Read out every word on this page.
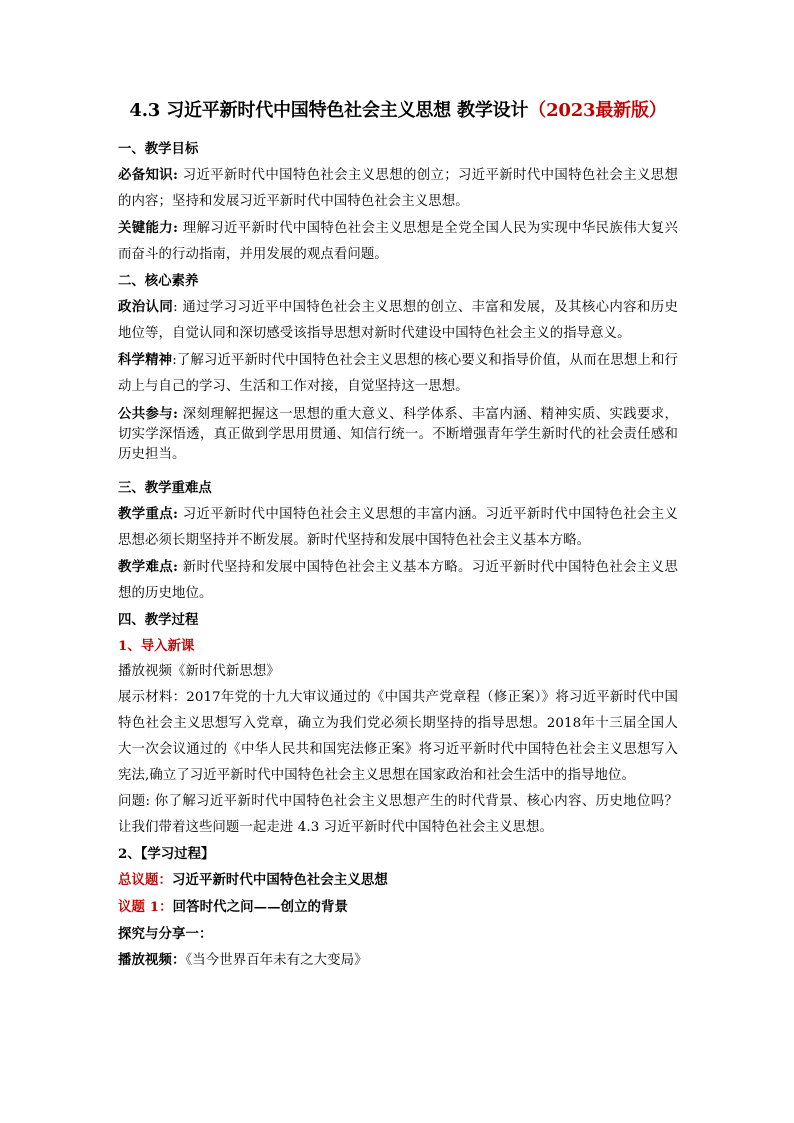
4.3 习近平新时代中国特色社会主义思想 教学设计（2023最新版）
一、教学目标

必备知识: 习近平新时代中国特色社会主义思想的创立；习近平新时代中国特色社会主义思想的内容；坚持和发展习近平新时代中国特色社会主义思想。

关键能力: 理解习近平新时代中国特色社会主义思想是全党全国人民为实现中华民族伟大复兴而奋斗的行动指南，并用发展的观点看问题。

二、核心素养

政治认同: 通过学习习近平中国特色社会主义思想的创立、丰富和发展，及其核心内容和历史地位等，自觉认同和深切感受该指导思想对新时代建设中国特色社会主义的指导意义。

科学精神:了解习近平新时代中国特色社会主义思想的核心要义和指导价值，从而在思想上和行动上与自己的学习、生活和工作对接，自觉坚持这一思想。

公共参与: 深刻理解把握这一思想的重大意义、科学体系、丰富内涵、精神实质、实践要求，切实学深悟透，真正做到学思用贯通、知信行统一。不断增强青年学生新时代的社会责任感和历史担当。

三、教学重难点

教学重点: 习近平新时代中国特色社会主义思想的丰富内涵。习近平新时代中国特色社会主义思想必须长期坚持并不断发展。新时代坚持和发展中国特色社会主义基本方略。

教学难点: 新时代坚持和发展中国特色社会主义基本方略。习近平新时代中国特色社会主义思想的历史地位。

四、教学过程
1、导入新课

播放视频《新时代新思想》

展示材料：2017年党的十九大审议通过的《中国共产党章程（修正案）》将习近平新时代中国特色社会主义思想写入党章，确立为我们党必须长期坚持的指导思想。2018年十三届全国人大一次会议通过的《中华人民共和国宪法修正案》将习近平新时代中国特色社会主义思想写入宪法,确立了习近平新时代中国特色社会主义思想在国家政治和社会生活中的指导地位。

问题: 你了解习近平新时代中国特色社会主义思想产生的时代背景、核心内容、历史地位吗？让我们带着这些问题一起走进 4.3 习近平新时代中国特色社会主义思想。

2、【学习过程】

总议题：习近平新时代中国特色社会主义思想

议题 1：回答时代之问——创立的背景

探究与分享一：

播放视频：《当今世界百年未有之大变局》
